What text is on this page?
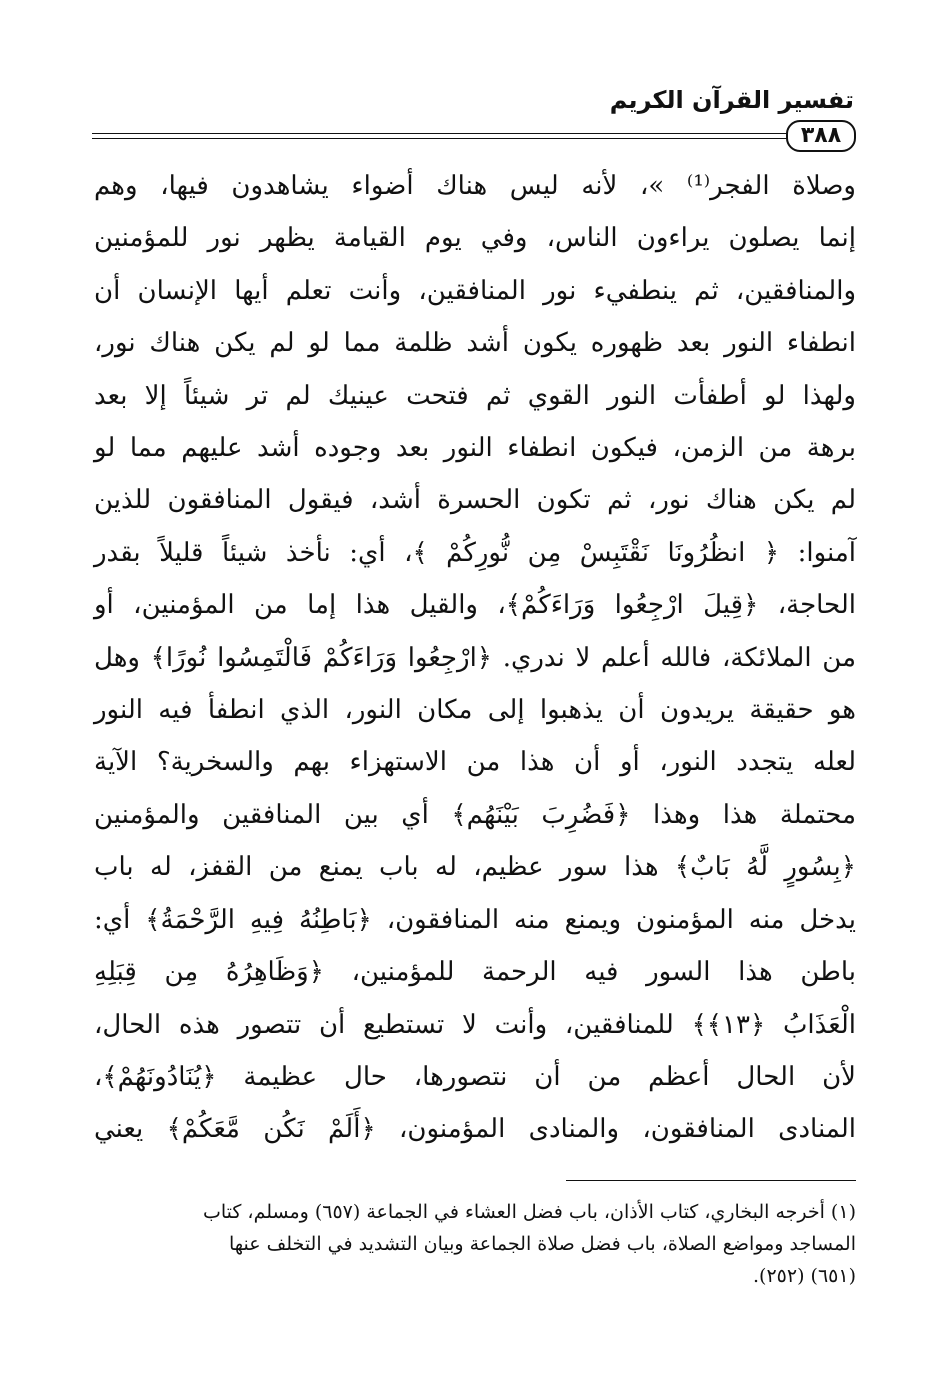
تفسير القرآن الكريم
٣٨٨
وصلاة الفجر⁽¹⁾ »، لأنه ليس هناك أضواء يشاهدون فيها، وهم
إنما يصلون يراءون الناس، وفي يوم القيامة يظهر نور للمؤمنين
والمنافقين، ثم ينطفيء نور المنافقين، وأنت تعلم أيها الإنسان أن
انطفاء النور بعد ظهوره يكون أشد ظلمة مما لو لم يكن هناك نور،
ولهذا لو أطفأت النور القوي ثم فتحت عينيك لم تر شيئاً إلا بعد
برهة من الزمن، فيكون انطفاء النور بعد وجوده أشد عليهم مما لو
لم يكن هناك نور، ثم تكون الحسرة أشد، فيقول المنافقون للذين
آمنوا: ﴿ انظُرُونَا نَقْتَبِسْ مِن نُّورِكُمْ ﴾، أي: نأخذ شيئاً قليلاً بقدر
الحاجة، ﴿قِيلَ ارْجِعُوا وَرَاءَكُمْ﴾، والقيل هذا إما من المؤمنين، أو
من الملائكة، فالله أعلم لا ندري. ﴿ارْجِعُوا وَرَاءَكُمْ فَالْتَمِسُوا نُورًا﴾ وهل
هو حقيقة يريدون أن يذهبوا إلى مكان النور، الذي انطفأ فيه النور
لعله يتجدد النور، أو أن هذا من الاستهزاء بهم والسخرية؟ الآية
محتملة هذا وهذا ﴿فَضُرِبَ بَيْنَهُم﴾ أي بين المنافقين والمؤمنين
﴿بِسُورٍ لَّهُ بَابٌ﴾ هذا سور عظيم، له باب يمنع من القفز، له باب
يدخل منه المؤمنون ويمنع منه المنافقون، ﴿بَاطِنُهُ فِيهِ الرَّحْمَةُ﴾ أي:
باطن هذا السور فيه الرحمة للمؤمنين، ﴿وَظَاهِرُهُ مِن قِبَلِهِ
الْعَذَابُ ﴿١٣﴾﴾ للمنافقين، وأنت لا تستطيع أن تتصور هذه الحال،
لأن الحال أعظم من أن نتصورها، حال عظيمة ﴿يُنَادُونَهُمْ﴾،
المنادى المنافقون، والمنادى المؤمنون، ﴿أَلَمْ نَكُن مَّعَكُمْ﴾ يعني
(١) أخرجه البخاري، كتاب الأذان، باب فضل العشاء في الجماعة (٦٥٧) ومسلم، كتاب
المساجد ومواضع الصلاة، باب فضل صلاة الجماعة وبيان التشديد في التخلف عنها
(٦٥١) (٢٥٢).
